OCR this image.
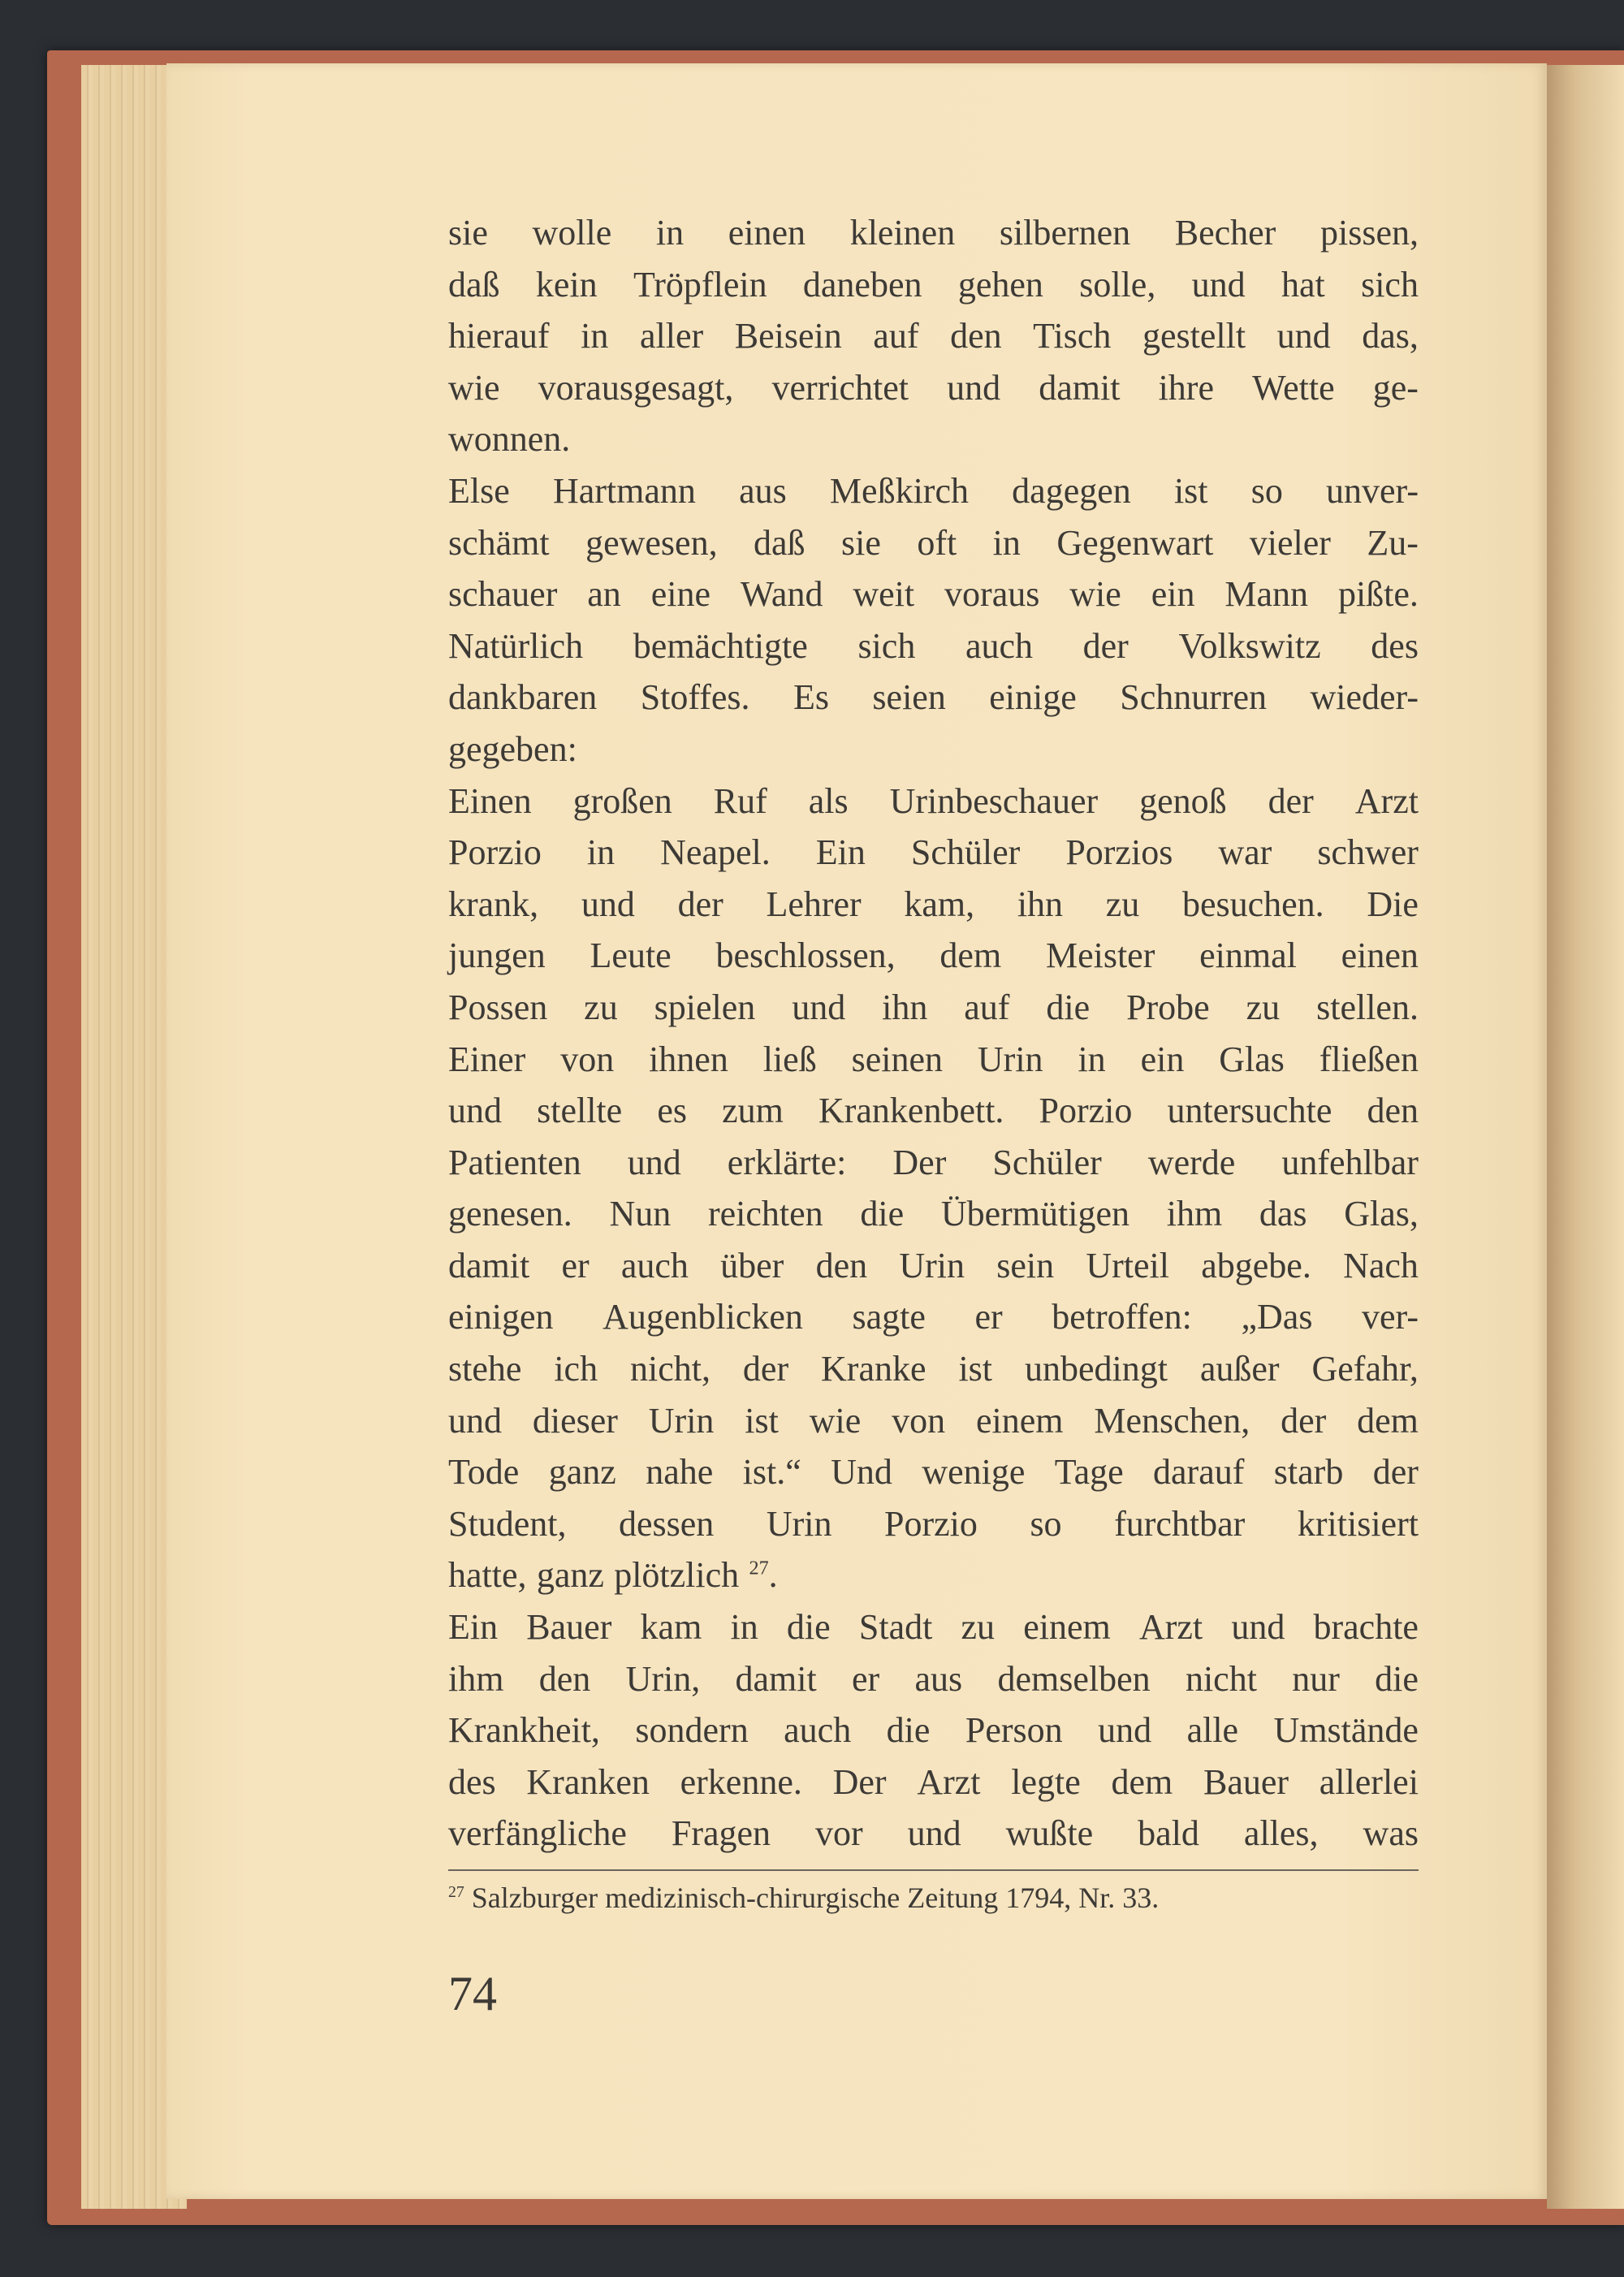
sie wolle in einen kleinen silbernen Becher pissen,
daß kein Tröpflein daneben gehen solle, und hat sich
hierauf in aller Beisein auf den Tisch gestellt und das,
wie vorausgesagt, verrichtet und damit ihre Wette ge-
wonnen.
Else Hartmann aus Meßkirch dagegen ist so unver-
schämt gewesen, daß sie oft in Gegenwart vieler Zu-
schauer an eine Wand weit voraus wie ein Mann pißte.
Natürlich bemächtigte sich auch der Volkswitz des
dankbaren Stoffes. Es seien einige Schnurren wieder-
gegeben:
Einen großen Ruf als Urinbeschauer genoß der Arzt
Porzio in Neapel. Ein Schüler Porzios war schwer
krank, und der Lehrer kam, ihn zu besuchen. Die
jungen Leute beschlossen, dem Meister einmal einen
Possen zu spielen und ihn auf die Probe zu stellen.
Einer von ihnen ließ seinen Urin in ein Glas fließen
und stellte es zum Krankenbett. Porzio untersuchte den
Patienten und erklärte: Der Schüler werde unfehlbar
genesen. Nun reichten die Übermütigen ihm das Glas,
damit er auch über den Urin sein Urteil abgebe. Nach
einigen Augenblicken sagte er betroffen: „Das ver-
stehe ich nicht, der Kranke ist unbedingt außer Gefahr,
und dieser Urin ist wie von einem Menschen, der dem
Tode ganz nahe ist.“ Und wenige Tage darauf starb der
Student, dessen Urin Porzio so furchtbar kritisiert
hatte, ganz plötzlich $^{27}$.
Ein Bauer kam in die Stadt zu einem Arzt und brachte
ihm den Urin, damit er aus demselben nicht nur die
Krankheit, sondern auch die Person und alle Umstände
des Kranken erkenne. Der Arzt legte dem Bauer allerlei
verfängliche Fragen vor und wußte bald alles, was
$^{27}$ Salzburger medizinisch-chirurgische Zeitung 1794, Nr. 33.
74
